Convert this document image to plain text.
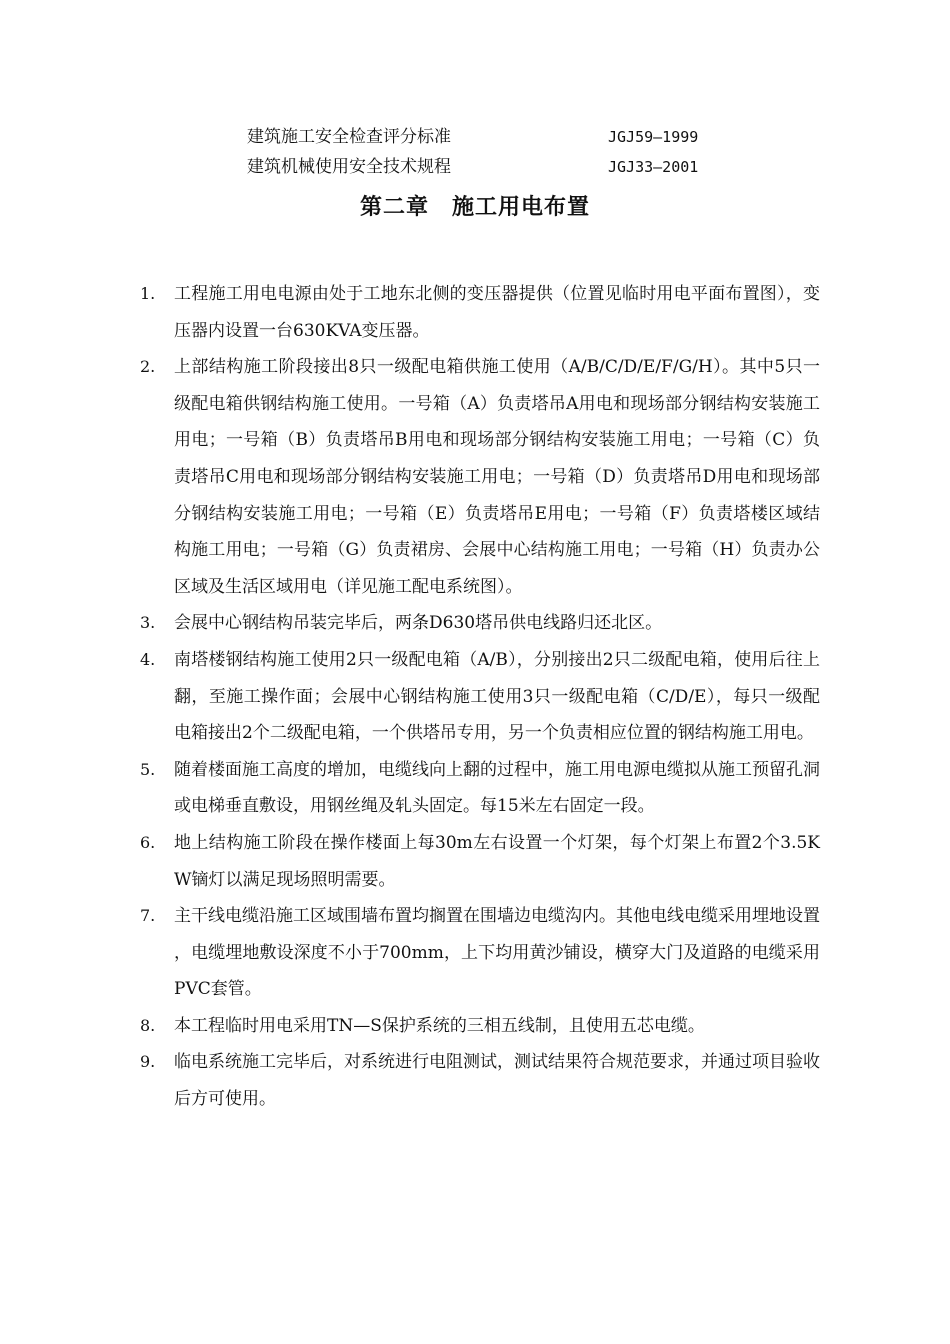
建筑施工安全检查评分标准	JGJ59—1999
建筑机械使用安全技术规程	JGJ33—2001
第二章　施工用电布置
1.	工程施工用电电源由处于工地东北侧的变压器提供（位置见临时用电平面布置图），变压器内设置一台630KVA变压器。
2.	上部结构施工阶段接出8只一级配电箱供施工使用（A/B/C/D/E/F/G/H）。其中5只一级配电箱供钢结构施工使用。一号箱（A）负责塔吊A用电和现场部分钢结构安装施工用电；一号箱（B）负责塔吊B用电和现场部分钢结构安装施工用电；一号箱（C）负责塔吊C用电和现场部分钢结构安装施工用电；一号箱（D）负责塔吊D用电和现场部分钢结构安装施工用电；一号箱（E）负责塔吊E用电；一号箱（F）负责塔楼区域结构施工用电；一号箱（G）负责裙房、会展中心结构施工用电；一号箱（H）负责办公区域及生活区域用电（详见施工配电系统图）。
3.	会展中心钢结构吊装完毕后，两条D630塔吊供电线路归还北区。
4.	南塔楼钢结构施工使用2只一级配电箱（A/B），分别接出2只二级配电箱，使用后往上翻，至施工操作面；会展中心钢结构施工使用3只一级配电箱（C/D/E），每只一级配电箱接出2个二级配电箱，一个供塔吊专用，另一个负责相应位置的钢结构施工用电。
5.	随着楼面施工高度的增加，电缆线向上翻的过程中，施工用电源电缆拟从施工预留孔洞或电梯垂直敷设，用钢丝绳及轧头固定。每15米左右固定一段。
6.	地上结构施工阶段在操作楼面上每30m左右设置一个灯架，每个灯架上布置2个3.5KW镝灯以满足现场照明需要。
7.	主干线电缆沿施工区域围墙布置均搁置在围墙边电缆沟内。其他电线电缆采用埋地设置，电缆埋地敷设深度不小于700mm，上下均用黄沙铺设，横穿大门及道路的电缆采用PVC套管。
8.	本工程临时用电采用TN—S保护系统的三相五线制，且使用五芯电缆。
9.	临电系统施工完毕后，对系统进行电阻测试，测试结果符合规范要求，并通过项目验收后方可使用。
